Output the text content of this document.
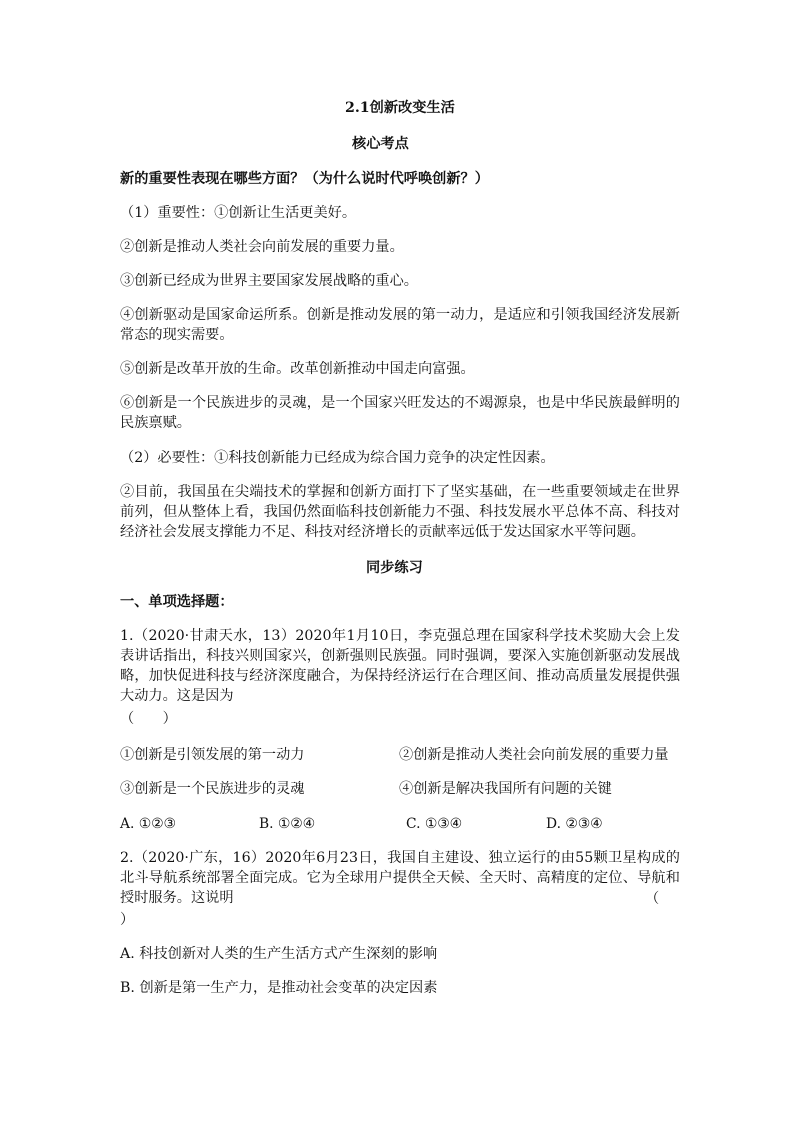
2.1创新改变生活
核心考点
新的重要性表现在哪些方面？（为什么说时代呼唤创新？）
（1）重要性：①创新让生活更美好。
②创新是推动人类社会向前发展的重要力量。
③创新已经成为世界主要国家发展战略的重心。
④创新驱动是国家命运所系。创新是推动发展的第一动力，是适应和引领我国经济发展新常态的现实需要。
⑤创新是改革开放的生命。改革创新推动中国走向富强。
⑥创新是一个民族进步的灵魂，是一个国家兴旺发达的不竭源泉，也是中华民族最鲜明的民族禀赋。
（2）必要性：①科技创新能力已经成为综合国力竞争的决定性因素。
②目前，我国虽在尖端技术的掌握和创新方面打下了坚实基础，在一些重要领域走在世界前列，但从整体上看，我国仍然面临科技创新能力不强、科技发展水平总体不高、科技对经济社会发展支撑能力不足、科技对经济增长的贡献率远低于发达国家水平等问题。
同步练习
一、单项选择题：
1.（2020·甘肃天水，13）2020年1月10日，李克强总理在国家科学技术奖励大会上发表讲话指出，科技兴则国家兴，创新强则民族强。同时强调，要深入实施创新驱动发展战略，加快促进科技与经济深度融合，为保持经济运行在合理区间、推动高质量发展提供强大动力。这是因为
（　　）
①创新是引领发展的第一动力	②创新是推动人类社会向前发展的重要力量
③创新是一个民族进步的灵魂	④创新是解决我国所有问题的关键
A. ①②③	B. ①②④	C. ①③④	D. ②③④
2.（2020·广东，16）2020年6月23日，我国自主建设、独立运行的由55颗卫星构成的北斗导航系统部署全面完成。它为全球用户提供全天候、全天时、高精度的定位、导航和授时服务。这说明	（
）
A. 科技创新对人类的生产生活方式产生深刻的影响
B. 创新是第一生产力，是推动社会变革的决定因素
